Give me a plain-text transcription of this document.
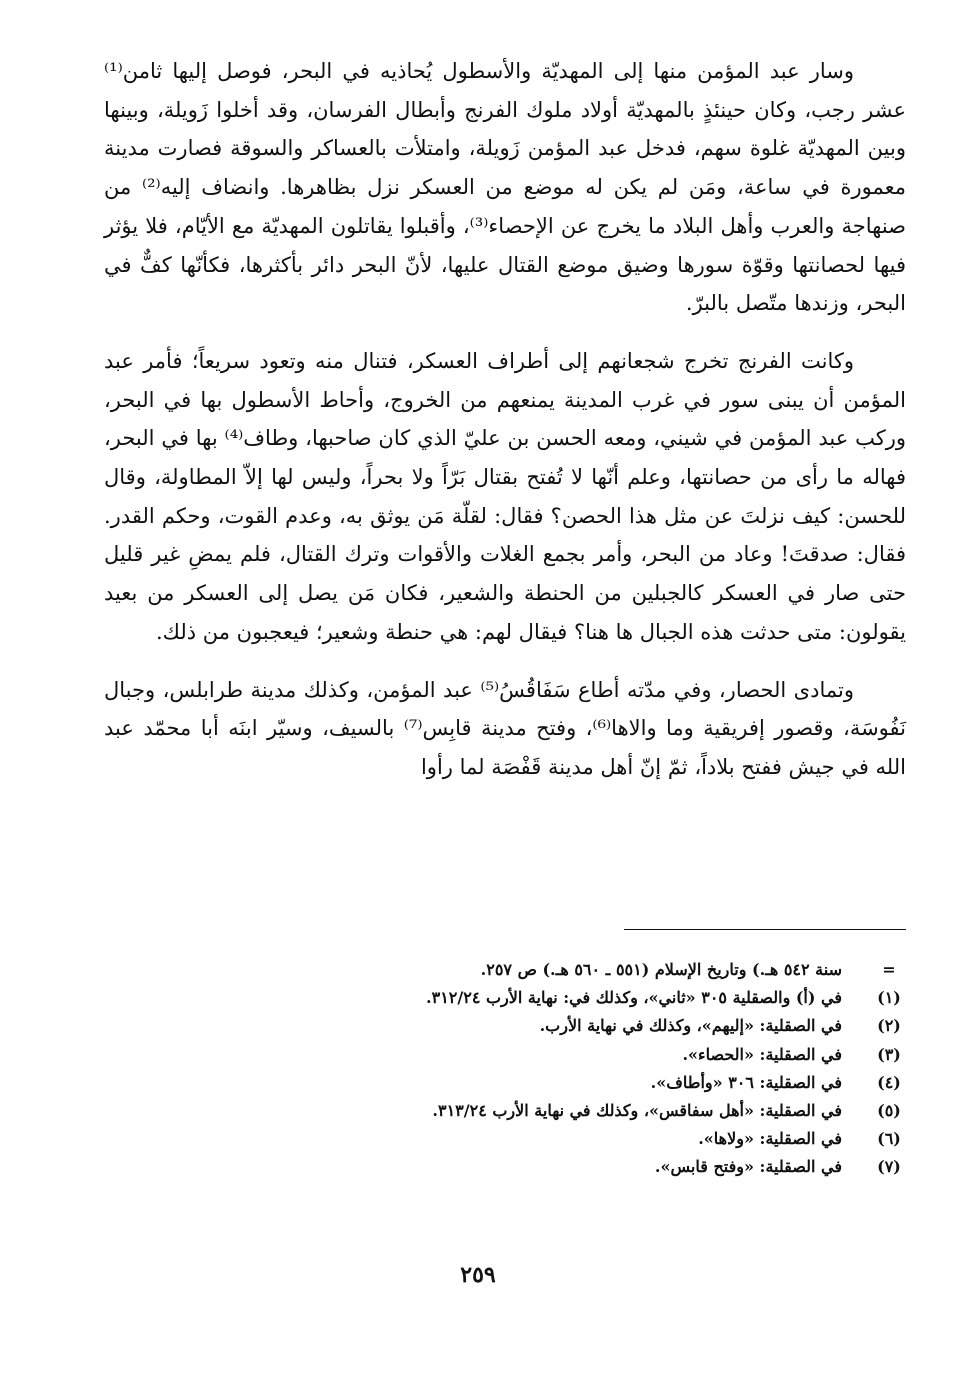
وسار عبد المؤمن منها إلى المهديّة والأسطول يُحاذيه في البحر، فوصل إليها ثامن⁽¹⁾ عشر رجب، وكان حينئذٍ بالمهديّة أولاد ملوك الفرنج وأبطال الفرسان، وقد أخلوا زَويلة، وبينها وبين المهديّة غلوة سهم، فدخل عبد المؤمن زَويلة، وامتلأت بالعساكر والسوقة فصارت مدينة معمورة في ساعة، ومَن لم يكن له موضع من العسكر نزل بظاهرها. وانضاف إليه⁽²⁾ من صنهاجة والعرب وأهل البلاد ما يخرج عن الإحصاء⁽³⁾، وأقبلوا يقاتلون المهديّة مع الأيّام، فلا يؤثر فيها لحصانتها وقوّة سورها وضيق موضع القتال عليها، لأنّ البحر دائر بأكثرها، فكأنّها كفٌّ في البحر، وزندها متّصل بالبرّ.

وكانت الفرنج تخرج شجعانهم إلى أطراف العسكر، فتنال منه وتعود سريعاً؛ فأمر عبد المؤمن أن يبنى سور في غرب المدينة يمنعهم من الخروج، وأحاط الأسطول بها في البحر، وركب عبد المؤمن في شيني، ومعه الحسن بن عليّ الذي كان صاحبها، وطاف⁽⁴⁾ بها في البحر، فهاله ما رأى من حصانتها، وعلم أنّها لا تُفتح بقتال بَرّاً ولا بحراً، وليس لها إلاّ المطاولة، وقال للحسن: كيف نزلتَ عن مثل هذا الحصن؟ فقال: لقلّة مَن يوثق به، وعدم القوت، وحكم القدر. فقال: صدقتَ! وعاد من البحر، وأمر بجمع الغلات والأقوات وترك القتال، فلم يمضِ غير قليل حتى صار في العسكر كالجبلين من الحنطة والشعير، فكان مَن يصل إلى العسكر من بعيد يقولون: متى حدثت هذه الجبال ها هنا؟ فيقال لهم: هي حنطة وشعير؛ فيعجبون من ذلك.

وتمادى الحصار، وفي مدّته أطاع سَفَاقُسُ⁽⁵⁾ عبد المؤمن، وكذلك مدينة طرابلس، وجبال نَفُوسَة، وقصور إفريقية وما والاها⁽⁶⁾، وفتح مدينة قابِس⁽⁷⁾ بالسيف، وسيّر ابنَه أبا محمّد عبد الله في جيش ففتح بلاداً، ثمّ إنّ أهل مدينة قَفْصَة لما رأوا

=
سنة ٥٤٢ هـ.) وتاريخ الإسلام (٥٥١ ـ ٥٦٠ هـ.) ص ٢٥٧.
(١)
في (أ) والصقلية ٣٠٥ «ثاني»، وكذلك في: نهاية الأرب ٣١٢/٢٤.
(٢)
في الصقلية: «إليهم»، وكذلك في نهاية الأرب.
(٣)
في الصقلية: «الحصاء».
(٤)
في الصقلية: ٣٠٦ «وأطاف».
(٥)
في الصقلية: «أهل سفاقس»، وكذلك في نهاية الأرب ٣١٣/٢٤.
(٦)
في الصقلية: «ولاها».
(٧)
في الصقلية: «وفتح قابس».
٢٥٩
